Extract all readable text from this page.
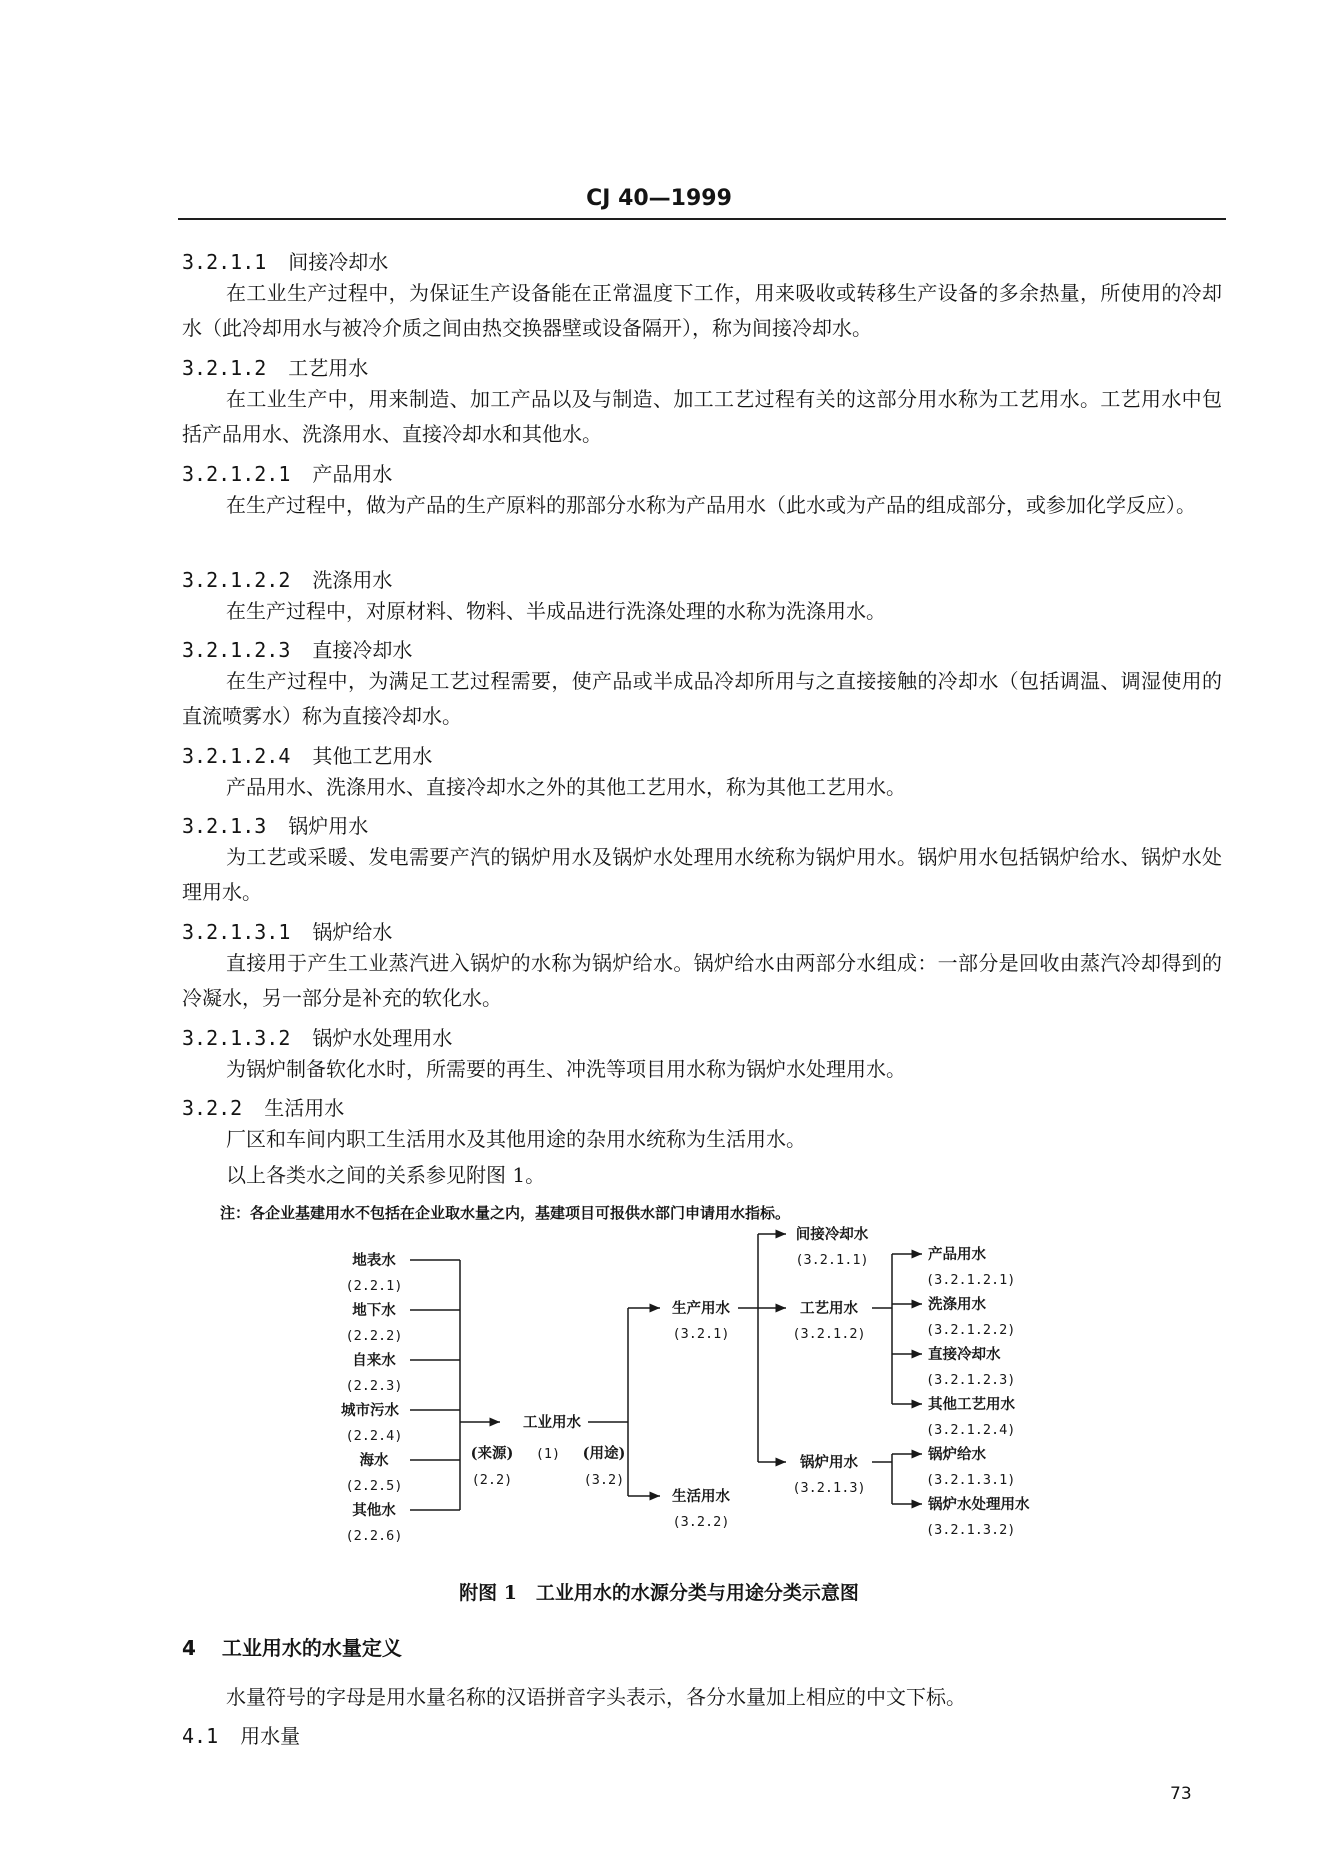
CJ 40—1999
3.2.1.1 间接冷却水
在工业生产过程中，为保证生产设备能在正常温度下工作，用来吸收或转移生产设备的多余热量，所使用的冷却水（此冷却用水与被冷介质之间由热交换器壁或设备隔开），称为间接冷却水。
3.2.1.2 工艺用水
在工业生产中，用来制造、加工产品以及与制造、加工工艺过程有关的这部分用水称为工艺用水。工艺用水中包括产品用水、洗涤用水、直接冷却水和其他水。
3.2.1.2.1 产品用水
在生产过程中，做为产品的生产原料的那部分水称为产品用水（此水或为产品的组成部分，或参加化学反应）。
3.2.1.2.2 洗涤用水
在生产过程中，对原材料、物料、半成品进行洗涤处理的水称为洗涤用水。
3.2.1.2.3 直接冷却水
在生产过程中，为满足工艺过程需要，使产品或半成品冷却所用与之直接接触的冷却水（包括调温、调湿使用的直流喷雾水）称为直接冷却水。
3.2.1.2.4 其他工艺用水
产品用水、洗涤用水、直接冷却水之外的其他工艺用水，称为其他工艺用水。
3.2.1.3 锅炉用水
为工艺或采暖、发电需要产汽的锅炉用水及锅炉水处理用水统称为锅炉用水。锅炉用水包括锅炉给水、锅炉水处理用水。
3.2.1.3.1 锅炉给水
直接用于产生工业蒸汽进入锅炉的水称为锅炉给水。锅炉给水由两部分水组成：一部分是回收由蒸汽冷却得到的冷凝水，另一部分是补充的软化水。
3.2.1.3.2 锅炉水处理用水
为锅炉制备软化水时，所需要的再生、冲洗等项目用水称为锅炉水处理用水。
3.2.2 生活用水
厂区和车间内职工生活用水及其他用途的杂用水统称为生活用水。
以上各类水之间的关系参见附图 1。
注：各企业基建用水不包括在企业取水量之内，基建项目可报供水部门申请用水指标。
地表水
(2.2.1)
地下水
(2.2.2)
自来水
(2.2.3)
城市污水
(2.2.4)
海水
(2.2.5)
其他水
(2.2.6)
工业用水
(来源) (1) (用途)
(2.2)	(3.2)
生产用水
(3.2.1)
生活用水
(3.2.2)
间接冷却水
(3.2.1.1)
工艺用水
(3.2.1.2)
锅炉用水
(3.2.1.3)
产品用水
(3.2.1.2.1)
洗涤用水
(3.2.1.2.2)
直接冷却水
(3.2.1.2.3)
其他工艺用水
(3.2.1.2.4)
锅炉给水
(3.2.1.3.1)
锅炉水处理用水
(3.2.1.3.2)
附图 1　工业用水的水源分类与用途分类示意图
4 工业用水的水量定义
水量符号的字母是用水量名称的汉语拼音字头表示，各分水量加上相应的中文下标。
4.1 用水量
73
